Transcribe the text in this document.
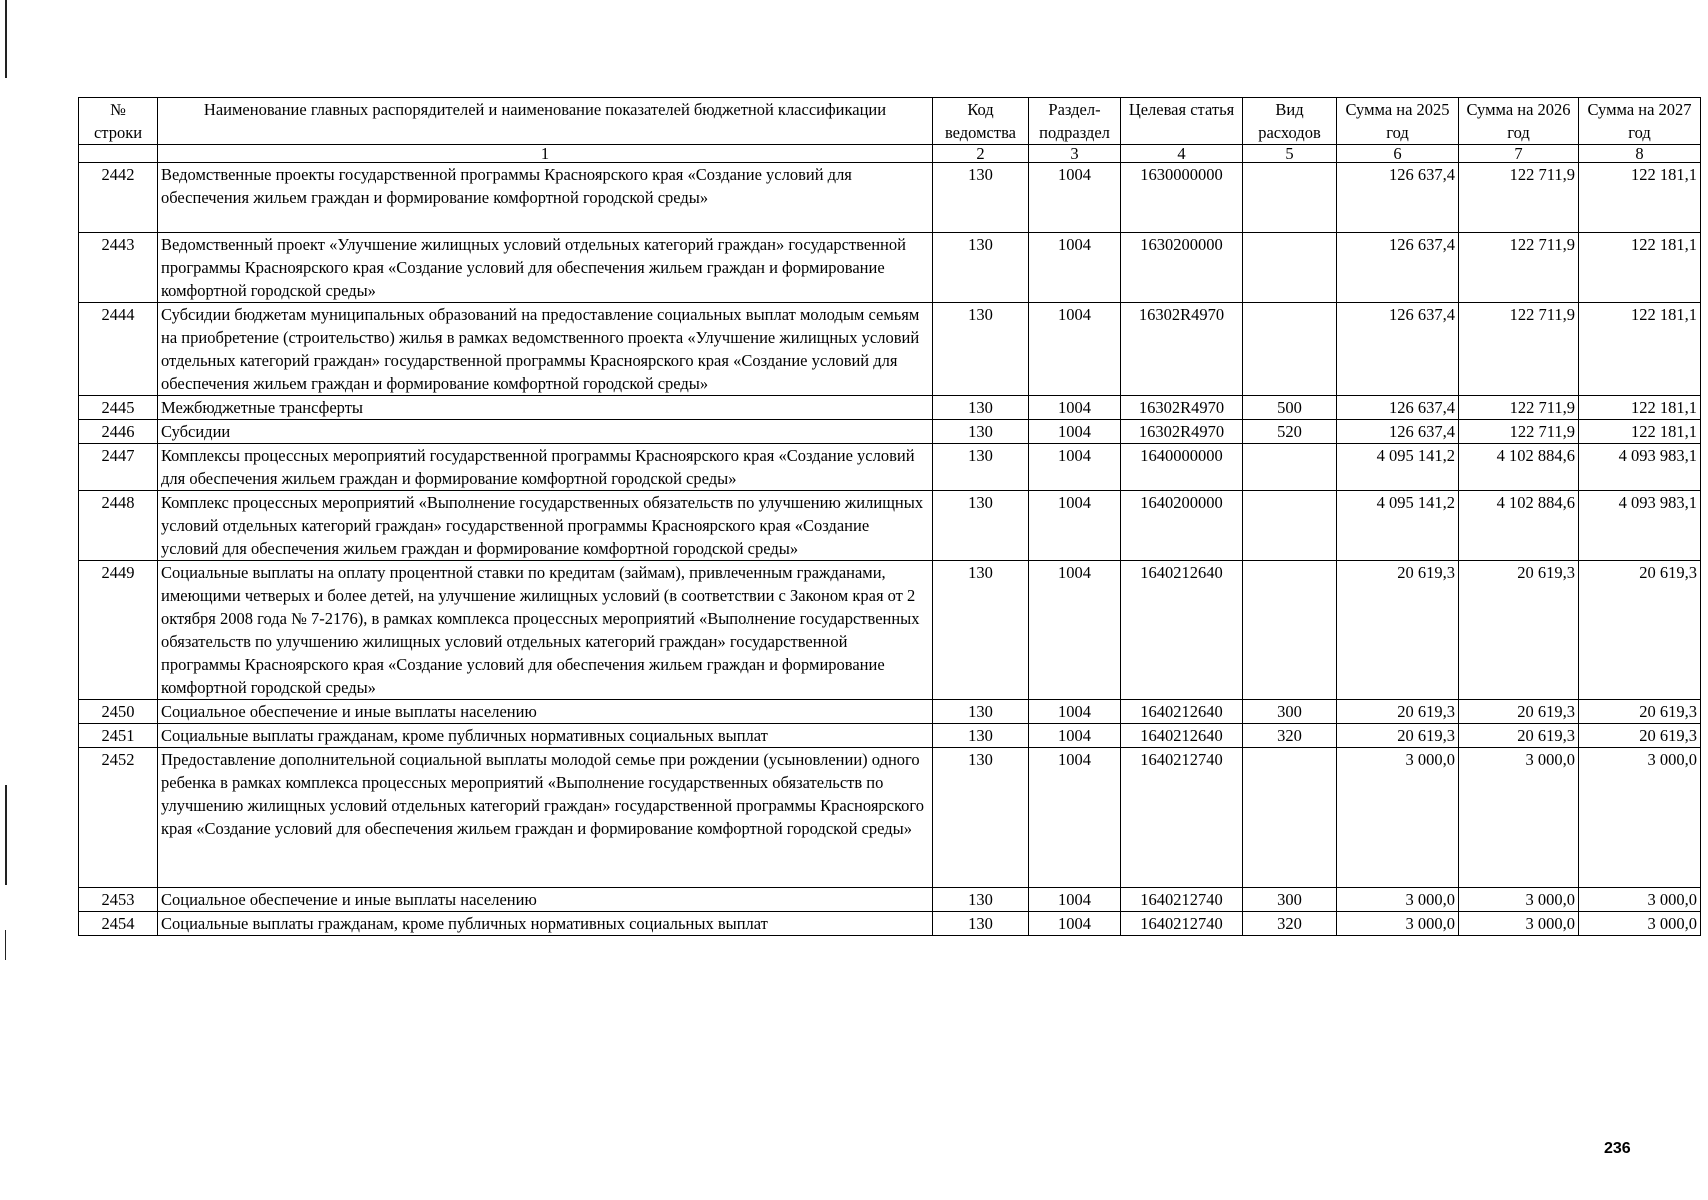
№
строки	Наименование главных распорядителей и наименование показателей бюджетной классификации	Код ведомства	Раздел-подраздел	Целевая статья	Вид расходов	Сумма на 2025 год	Сумма на 2026 год	Сумма на 2027 год
	1	2	3	4	5	6	7	8
2442	Ведомственные проекты государственной программы Красноярского края «Создание условий для обеспечения жильем граждан и формирование комфортной городской среды»	130	1004	1630000000		126 637,4	122 711,9	122 181,1
2443	Ведомственный проект «Улучшение жилищных условий отдельных категорий граждан» государственной программы Красноярского края «Создание условий для обеспечения жильем граждан и формирование комфортной городской среды»	130	1004	1630200000		126 637,4	122 711,9	122 181,1
2444	Субсидии бюджетам муниципальных образований на предоставление социальных выплат молодым семьям на приобретение (строительство) жилья в рамках ведомственного проекта «Улучшение жилищных условий отдельных категорий граждан» государственной программы Красноярского края «Создание условий для обеспечения жильем граждан и формирование комфортной городской среды»	130	1004	16302R4970		126 637,4	122 711,9	122 181,1
2445	Межбюджетные трансферты	130	1004	16302R4970	500	126 637,4	122 711,9	122 181,1
2446	Субсидии	130	1004	16302R4970	520	126 637,4	122 711,9	122 181,1
2447	Комплексы процессных мероприятий государственной программы Красноярского края «Создание условий для обеспечения жильем граждан и формирование комфортной городской среды»	130	1004	1640000000		4 095 141,2	4 102 884,6	4 093 983,1
2448	Комплекс процессных мероприятий «Выполнение государственных обязательств по улучшению жилищных условий отдельных категорий граждан» государственной программы Красноярского края «Создание условий для обеспечения жильем граждан и формирование комфортной городской среды»	130	1004	1640200000		4 095 141,2	4 102 884,6	4 093 983,1
2449	Социальные выплаты на оплату процентной ставки по кредитам (займам), привлеченным гражданами, имеющими четверых и более детей, на улучшение жилищных условий (в соответствии с Законом края от 2 октября 2008 года № 7-2176), в рамках комплекса процессных мероприятий «Выполнение государственных обязательств по улучшению жилищных условий отдельных категорий граждан» государственной программы Красноярского края «Создание условий для обеспечения жильем граждан и формирование комфортной городской среды»	130	1004	1640212640		20 619,3	20 619,3	20 619,3
2450	Социальное обеспечение и иные выплаты населению	130	1004	1640212640	300	20 619,3	20 619,3	20 619,3
2451	Социальные выплаты гражданам, кроме публичных нормативных социальных выплат	130	1004	1640212640	320	20 619,3	20 619,3	20 619,3
2452	Предоставление дополнительной социальной выплаты молодой семье при рождении (усыновлении) одного ребенка в рамках комплекса процессных мероприятий «Выполнение государственных обязательств по улучшению жилищных условий отдельных категорий граждан» государственной программы Красноярского края «Создание условий для обеспечения жильем граждан и формирование комфортной городской среды»	130	1004	1640212740		3 000,0	3 000,0	3 000,0
2453	Социальное обеспечение и иные выплаты населению	130	1004	1640212740	300	3 000,0	3 000,0	3 000,0
2454	Социальные выплаты гражданам, кроме публичных нормативных социальных выплат	130	1004	1640212740	320	3 000,0	3 000,0	3 000,0
236
